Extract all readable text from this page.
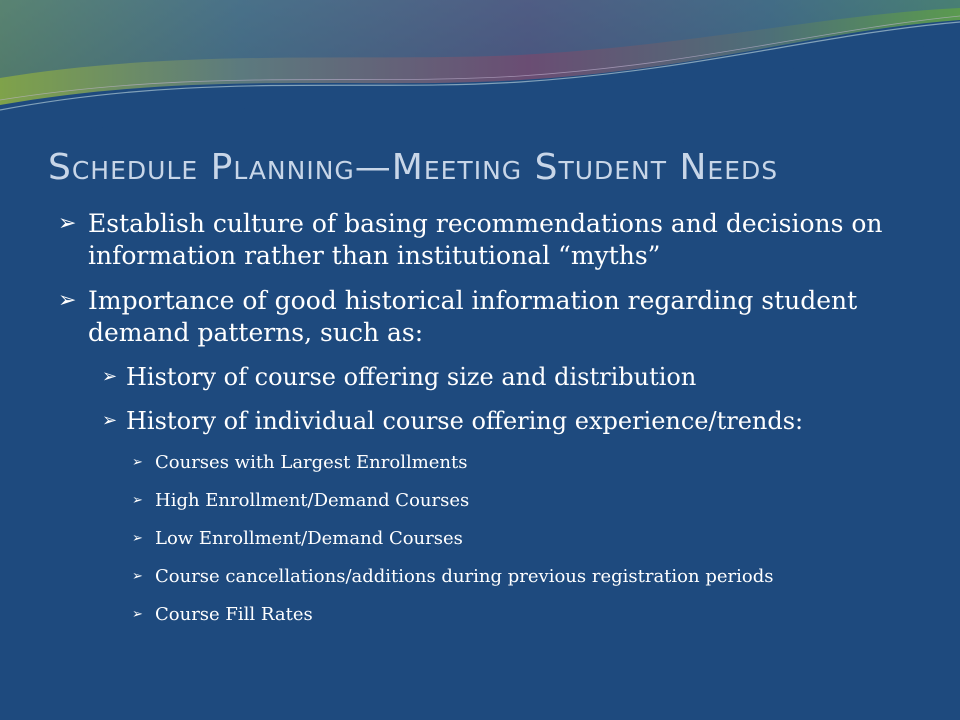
Schedule Planning—Meeting Student Needs
➢ Establish culture of basing recommendations and decisions on information rather than institutional “myths”
➢ Importance of good historical information regarding student demand patterns, such as:
➢ History of course offering size and distribution
➢ History of individual course offering experience/trends:
➢ Courses with Largest Enrollments
➢ High Enrollment/Demand Courses
➢ Low Enrollment/Demand Courses
➢ Course cancellations/additions during previous registration periods
➢ Course Fill Rates
